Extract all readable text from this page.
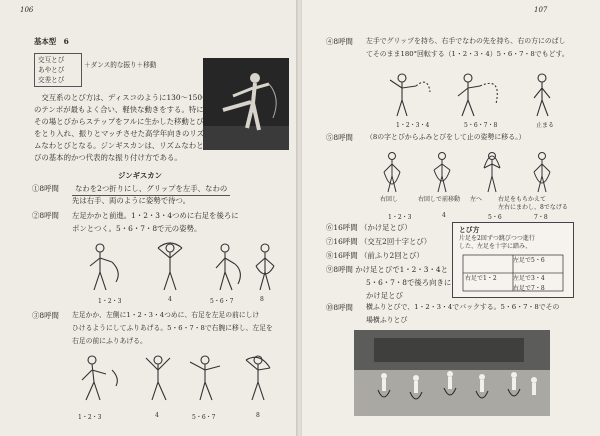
106
基本型　6
交互とび
あやとび
交差とび
＋ダンス的な振り＋移動
　交互系のとび方は、ディスコのように130〜150位
のテンポが最もよく合い、軽快な動きをする。特に
その場とびからステップをフルに生かした移動とび
をとり入れ、振りとマッチさせた高学年向きのリズ
ムなわとびとなる。ジンギスカンは、リズムなわと
びの基本的かつ代表的な振り付け方である。
ジンギスカン
①8呼間	なわを2つ折りにし、グリップを左手、なわの
先は右手、両のように姿勢で待つ。
②8呼間 左足かかと前進。1・2・3・4つめに右足を後ろに
ポンとつく。5・6・7・8で元の姿勢。
1・2・3	4	5・6・7	8
③8呼間 左足かか、左側に1・2・3・4つめに、右足を左足の前にしけ
ひけるようにしてふりあげる。5・6・7・8で右腕に移し、左足を
右足の前にふりあげる。
1・2・3	4	5・6・7	8
107
④8呼間 左手でグリップを持ち、右手でなわの先を持ち、右の方にのばし
てそのまま180°回転する（1・2・3・4）5・6・7・8でもどす。
1・2・3・4	5・6・7・8	止まる
⑤8呼間 （8の字とびからふみとびをして止の姿勢に移る。）
右回し	右回しで前移動 左へ	右足をもちかえて
左右にまわし、8でなげる
1・2・3	4	5・6	7・8
⑥16呼間 （かけ足とび）
⑦16呼間 （交互2回十字とび）
⑧16呼間 （前ふり2回とび）
⑨8呼間 かけ足とびで1・2・3・4と
5・6・7・8で後ろ向きに
かけ足とび
とび方
片足を2回ずつ跳びつつ進行
した、左足を十字に踏み、
左足で5・6
右足で1・2	左足で3・4
右足で7・8
⑩8呼間 横ふりとびで、1・2・3・4でバックする。5・6・7・8でその
場横ふりとび
